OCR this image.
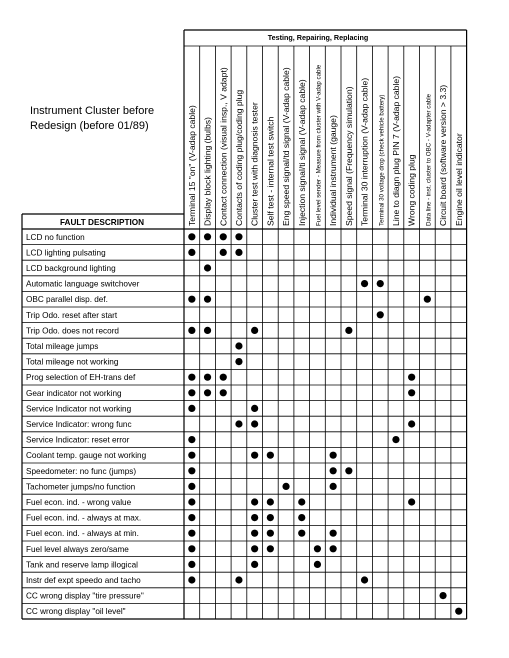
Instrument Cluster before
Redesign (before 01/89)
Testing, Repairing, Replacing
FAULT DESCRIPTION	Terminal 15 "on" (V-adap cable) Display block lighting (bulbs) Contact connection (visual insp., V adapt) Contacts of coding plug/coding plug Cluster test with diagnosis tester Self test - internal test switch Eng speed signal/td signal (V-adap cable) Injection signal/ti signal (V-adap cable) Fuel level sender - Measure from cluster with V-adap cable Individual instrument (gauge) Speed signal (Frequency simulation) Terminal 30 interruption (V-adap cable) Terminal 30 voltage drop (check vehicle battery) Line to diagn plug PIN 7 (V-adap cable) Wrong coding plug Data line - inst. cluster to OBC - V-adapter cable Circuit board (software version > 3.3) Engine oil level indicator
LCD no function
LCD lighting pulsating
LCD background lighting
Automatic language switchover
OBC parallel disp. def.
Trip Odo. reset after start
Trip Odo. does not record
Total mileage jumps
Total mileage not working
Prog selection of EH-trans def
Gear indicator not working
Service Indicator not working
Service Indicator: wrong func
Service Indicator: reset error
Coolant temp. gauge not working
Speedometer: no func (jumps)
Tachometer jumps/no function
Fuel econ. ind. - wrong value
Fuel econ. ind. - always at max.
Fuel econ. ind. - always at min.
Fuel level always zero/same
Tank and reserve lamp illogical
Instr def expt speedo and tacho
CC wrong display "tire pressure"
CC wrong display "oil level"
